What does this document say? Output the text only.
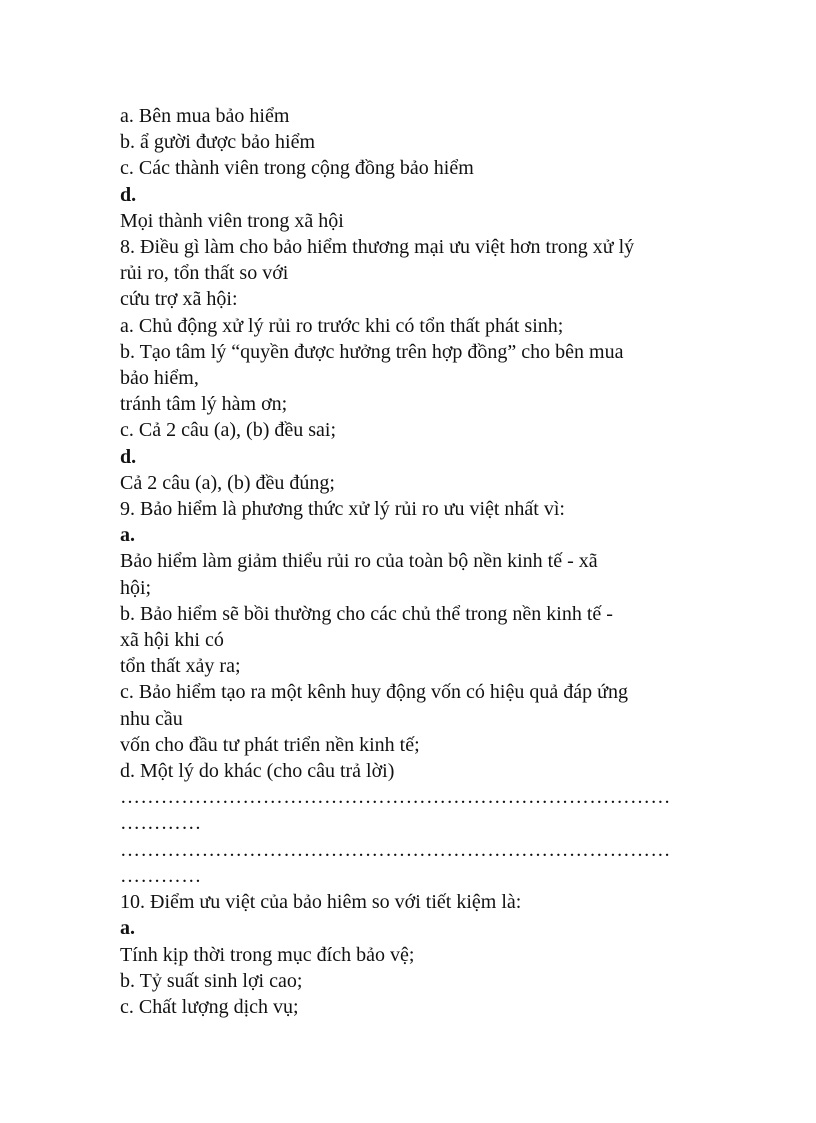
a. Bên mua bảo hiểm
b. ẩ gười được bảo hiểm
c. Các thành viên trong cộng đồng bảo hiểm
d.
Mọi thành viên trong xã hội
8. Điều gì làm cho bảo hiểm thương mại ưu việt hơn trong xử lý
rủi ro, tổn thất so với
cứu trợ xã hội:
a. Chủ động xử lý rủi ro trước khi có tổn thất phát sinh;
b. Tạo tâm lý “quyền được hưởng trên hợp đồng” cho bên mua
bảo hiểm,
tránh tâm lý hàm ơn;
c. Cả 2 câu (a), (b) đều sai;
d.
Cả 2 câu (a), (b) đều đúng;
9. Bảo hiểm là phương thức xử lý rủi ro ưu việt nhất vì:
a.
Bảo hiểm làm giảm thiểu rủi ro của toàn bộ nền kinh tế - xã
hội;
b. Bảo hiểm sẽ bồi thường cho các chủ thể trong nền kinh tế -
xã hội khi có
tổn thất xảy ra;
c. Bảo hiểm tạo ra một kênh huy động vốn có hiệu quả đáp ứng
nhu cầu
vốn cho đầu tư phát triển nền kinh tế;
d. Một lý do khác (cho câu trả lời)
………………………………………………………………………
…………
………………………………………………………………………
…………
10. Điểm ưu việt của bảo hiêm so với tiết kiệm là:
a.
Tính kịp thời trong mục đích bảo vệ;
b. Tỷ suất sinh lợi cao;
c. Chất lượng dịch vụ;
